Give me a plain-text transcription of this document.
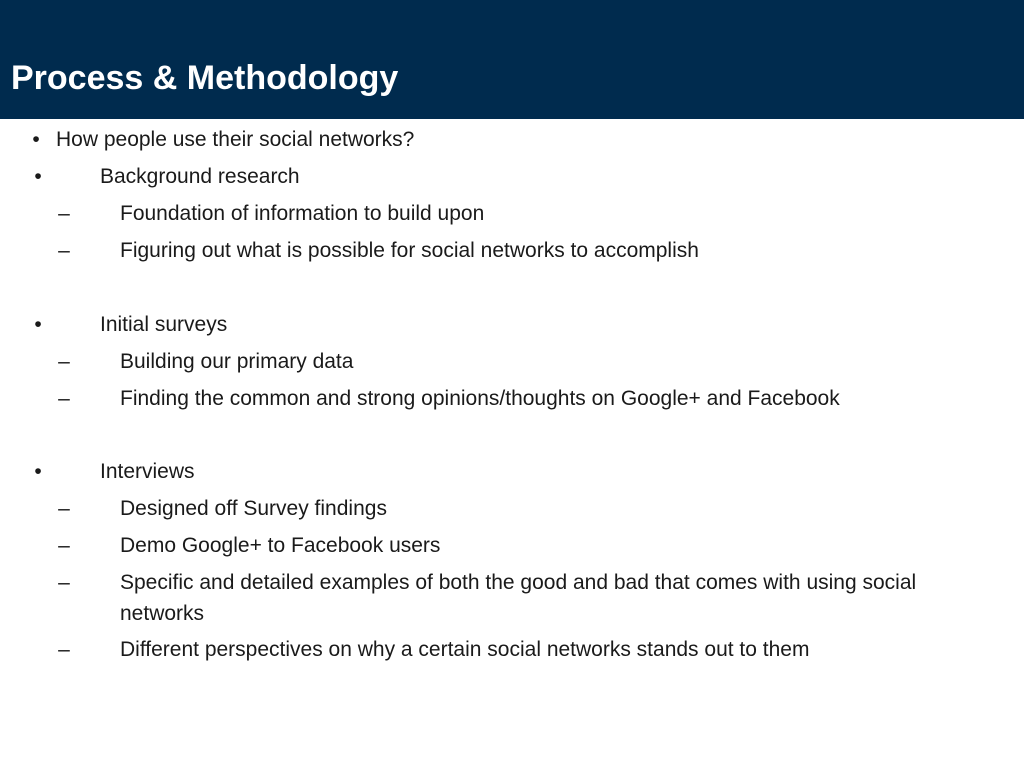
Process & Methodology
• How people use their social networks?
•	Background research
– Foundation of information to build upon
– Figuring out what is possible for social networks to accomplish
•	Initial surveys
– Building our primary data
– Finding the common and strong opinions/thoughts on Google+ and Facebook
•	Interviews
– Designed off Survey findings
– Demo Google+ to Facebook users
– Specific and detailed examples of both the good and bad that comes with using social networks
– Different perspectives on why a certain social networks stands out to them
